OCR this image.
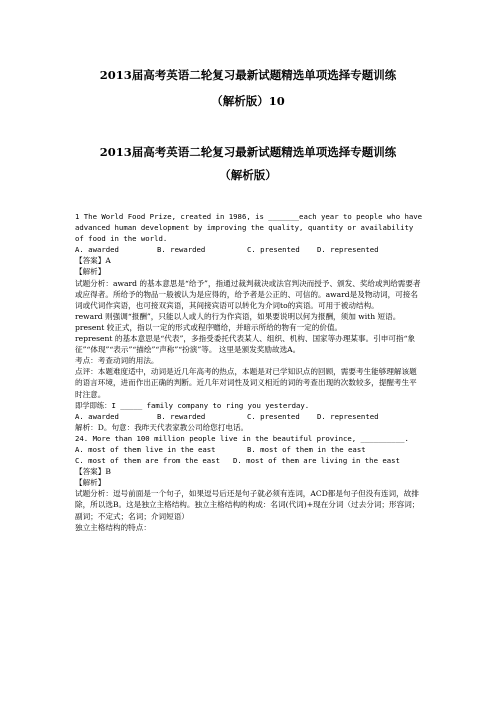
2013届高考英语二轮复习最新试题精选单项选择专题训练
（解析版）10
2013届高考英语二轮复习最新试题精选单项选择专题训练
（解析版）
1 The World Food Prize, created in 1986, is _______each year to people who have advanced human development by improving the quality, quantity or availability of food in the world.
A. awarded	B. rewarded	C. presented	D. represented
【答案】A
【解析】
试题分析：award 的基本意思是“给予”，指通过裁判裁决或法官判决而授予、颁发、奖给或判给需要者或应得者。所给予的物品一般被认为是应得的，给予者是公正的、可信的。award是及物动词，可接名词或代词作宾语，也可接双宾语，其间接宾语可以转化为介词to的宾语。可用于被动结构。
reward 则强调“报酬”，只能以人或人的行为作宾语，如果要说明以何为报酬，须加 with 短语。
present 较正式，指以一定的形式或程序赠给，并暗示所给的物有一定的价值。
represent 的基本意思是“代表”，多指受委托代表某人、组织、机构、国家等办理某事。引申可指“象征”“体现”“表示”“描绘”“声称”“扮演”等。 这里是颁发奖励故选A。
考点：考查动词的用法。
点评：本题难度适中，动词是近几年高考的热点，本题是对已学知识点的回顾，需要考生能够理解该题的语言环境，进而作出正确的判断。近几年对词性及词义相近的词的考查出现的次数较多，提醒考生平时注意。
即学即练：I _____ family company to ring you yesterday.
A. awarded	B. rewarded	C. presented	D. represented
解析：D。句意：我昨天代表家教公司给您打电话。
24. More than 100 million people live in the beautiful province, __________.
A. most of them live in the east	B. most of them in the east
C. most of them are from the east	D. most of them are living in the east
【答案】B
【解析】
试题分析：逗号前面是一个句子，如果逗号后还是句子就必须有连词，ACD都是句子但没有连词，故排除，所以选B。这是独立主格结构。独立主格结构的构成：名词(代词)+现在分词（过去分词；形容词；副词；不定式；名词；介词短语）
独立主格结构的特点：
